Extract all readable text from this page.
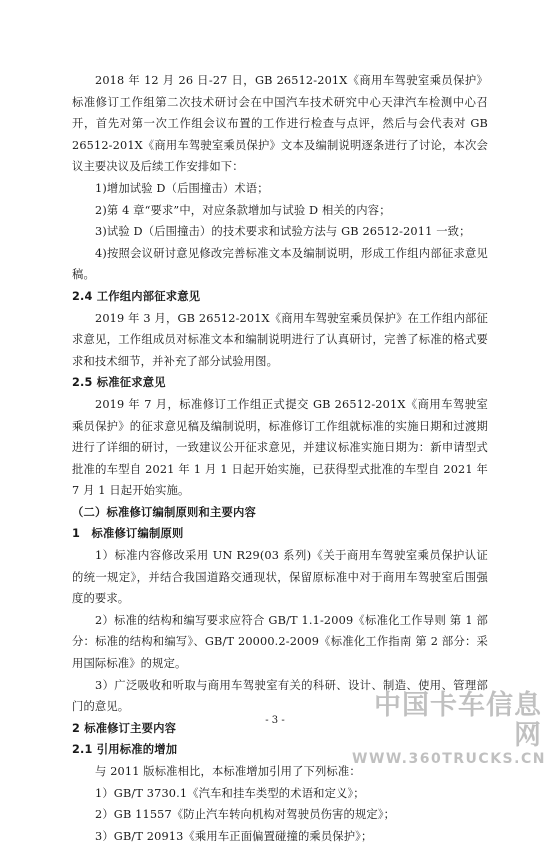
2018 年 12 月 26 日-27 日，GB 26512-201X《商用车驾驶室乘员保护》标准修订工作组第二次技术研讨会在中国汽车技术研究中心天津汽车检测中心召开，首先对第一次工作组会议布置的工作进行检查与点评，然后与会代表对 GB 26512-201X《商用车驾驶室乘员保护》文本及编制说明逐条进行了讨论，本次会议主要决议及后续工作安排如下：

1)增加试验 D（后围撞击）术语；

2)第 4 章“要求”中，对应条款增加与试验 D 相关的内容；

3)试验 D（后围撞击）的技术要求和试验方法与 GB 26512-2011 一致；

4)按照会议研讨意见修改完善标准文本及编制说明，形成工作组内部征求意见稿。

2.4 工作组内部征求意见

2019 年 3 月，GB 26512-201X《商用车驾驶室乘员保护》在工作组内部征求意见，工作组成员对标准文本和编制说明进行了认真研讨，完善了标准的格式要求和技术细节，并补充了部分试验用图。

2.5 标准征求意见

2019 年 7 月，标准修订工作组正式提交 GB 26512-201X《商用车驾驶室乘员保护》的征求意见稿及编制说明，标准修订工作组就标准的实施日期和过渡期进行了详细的研讨，一致建议公开征求意见，并建议标准实施日期为：新申请型式批准的车型自 2021 年 1 月 1 日起开始实施，已获得型式批准的车型自 2021 年 7 月 1 日起开始实施。

（二）标准修订编制原则和主要内容

1　标准修订编制原则

1）标准内容修改采用 UN R29(03 系列)《关于商用车驾驶室乘员保护认证的统一规定》，并结合我国道路交通现状，保留原标准中对于商用车驾驶室后围强度的要求。

2）标准的结构和编写要求应符合 GB/T 1.1-2009《标准化工作导则 第 1 部分：标准的结构和编写》、GB/T 20000.2-2009《标准化工作指南 第 2 部分：采用国际标准》的规定。

3）广泛吸收和听取与商用车驾驶室有关的科研、设计、制造、使用、管理部门的意见。

2 标准修订主要内容

2.1 引用标准的增加

与 2011 版标准相比，本标准增加引用了下列标准：

1）GB/T 3730.1《汽车和挂车类型的术语和定义》；

2）GB 11557《防止汽车转向机构对驾驶员伤害的规定》；

3）GB/T 20913《乘用车正面偏置碰撞的乘员保护》；

- 3 -	中国卡车信息网
WWW.360TRUCKS.CN
